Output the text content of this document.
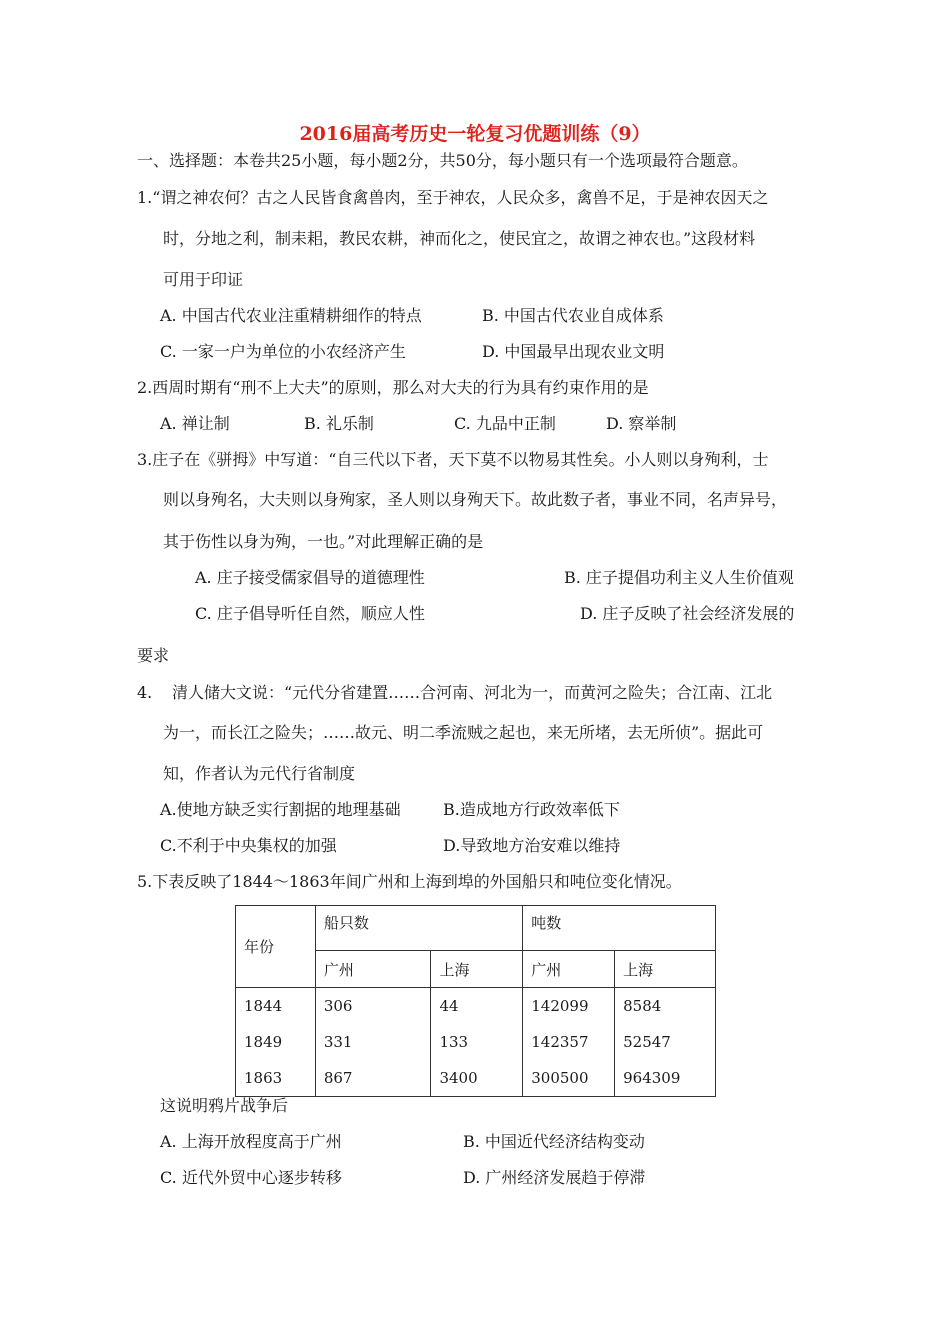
2016届高考历史一轮复习优题训练（9）
一、选择题：本卷共25小题，每小题2分，共50分，每小题只有一个选项最符合题意。
1.“谓之神农何？古之人民皆食禽兽肉，至于神农，人民众多，禽兽不足，于是神农因天之
时，分地之利，制耒耜，教民农耕，神而化之，使民宜之，故谓之神农也。”这段材料
可用于印证
A. 中国古代农业注重精耕细作的特点	B. 中国古代农业自成体系
C. 一家一户为单位的小农经济产生	D. 中国最早出现农业文明
2.西周时期有“刑不上大夫”的原则，那么对大夫的行为具有约束作用的是
A. 禅让制	B. 礼乐制	C. 九品中正制	D. 察举制
3.庄子在《骈拇》中写道：“自三代以下者，天下莫不以物易其性矣。小人则以身殉利，士
则以身殉名，大夫则以身殉家，圣人则以身殉天下。故此数子者，事业不同，名声异号，
其于伤性以身为殉，一也。”对此理解正确的是
A. 庄子接受儒家倡导的道德理性	B. 庄子提倡功利主义人生价值观
C. 庄子倡导听任自然，顺应人性	D. 庄子反映了社会经济发展的
要求
4. 清人储大文说：“元代分省建置……合河南、河北为一，而黄河之险失；合江南、江北
为一，而长江之险失；……故元、明二季流贼之起也，来无所堵，去无所侦”。据此可
知，作者认为元代行省制度
A.使地方缺乏实行割据的地理基础	B.造成地方行政效率低下
C.不利于中央集权的加强	D.导致地方治安难以维持
5.下表反映了1844～1863年间广州和上海到埠的外国船只和吨位变化情况。
年份	船只数		吨数	
	广州	上海	广州	上海
1844	306	44	142099	8584
1849	331	133	142357	52547
1863	867	3400	300500	964309
这说明鸦片战争后
A. 上海开放程度高于广州	B. 中国近代经济结构变动
C. 近代外贸中心逐步转移	D. 广州经济发展趋于停滞
